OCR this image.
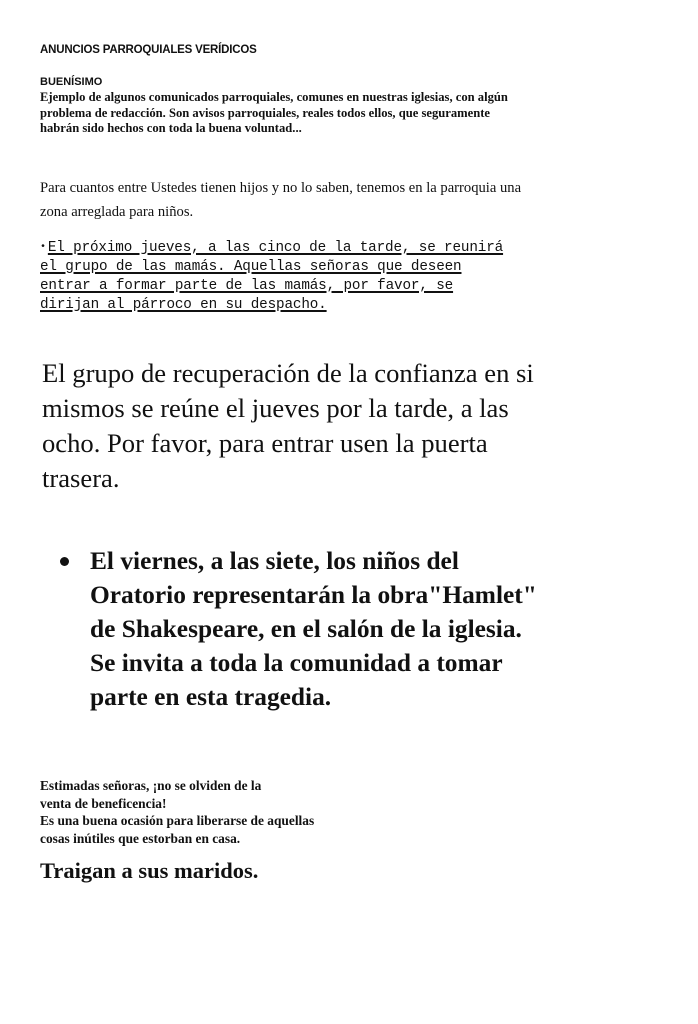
ANUNCIOS PARROQUIALES VERÍDICOS
BUENÍSIMO
Ejemplo de algunos comunicados parroquiales, comunes en nuestras iglesias, con algún
problema de redacción. Son avisos parroquiales, reales todos ellos, que seguramente
habrán sido hechos con toda la buena voluntad...
Para cuantos entre Ustedes tienen hijos y no lo saben, tenemos en la parroquia una
zona arreglada para niños.
• El próximo jueves, a las cinco de la tarde, se reunirá
el grupo de las mamás. Aquellas señoras que deseen
entrar a formar parte de las mamás, por favor, se
dirijan al párroco en su despacho.
El grupo de recuperación de la confianza en si
mismos se reúne el jueves por la tarde, a las
ocho. Por favor, para entrar usen la puerta
trasera.
El viernes, a las siete, los niños del
Oratorio representarán la obra"Hamlet"
de Shakespeare, en el salón de la iglesia.
Se invita a toda la comunidad a tomar
parte en esta tragedia.
Estimadas señoras, ¡no se olviden de la
venta de beneficencia!
Es una buena ocasión para liberarse de aquellas
cosas inútiles que estorban en casa.
Traigan a sus maridos.
